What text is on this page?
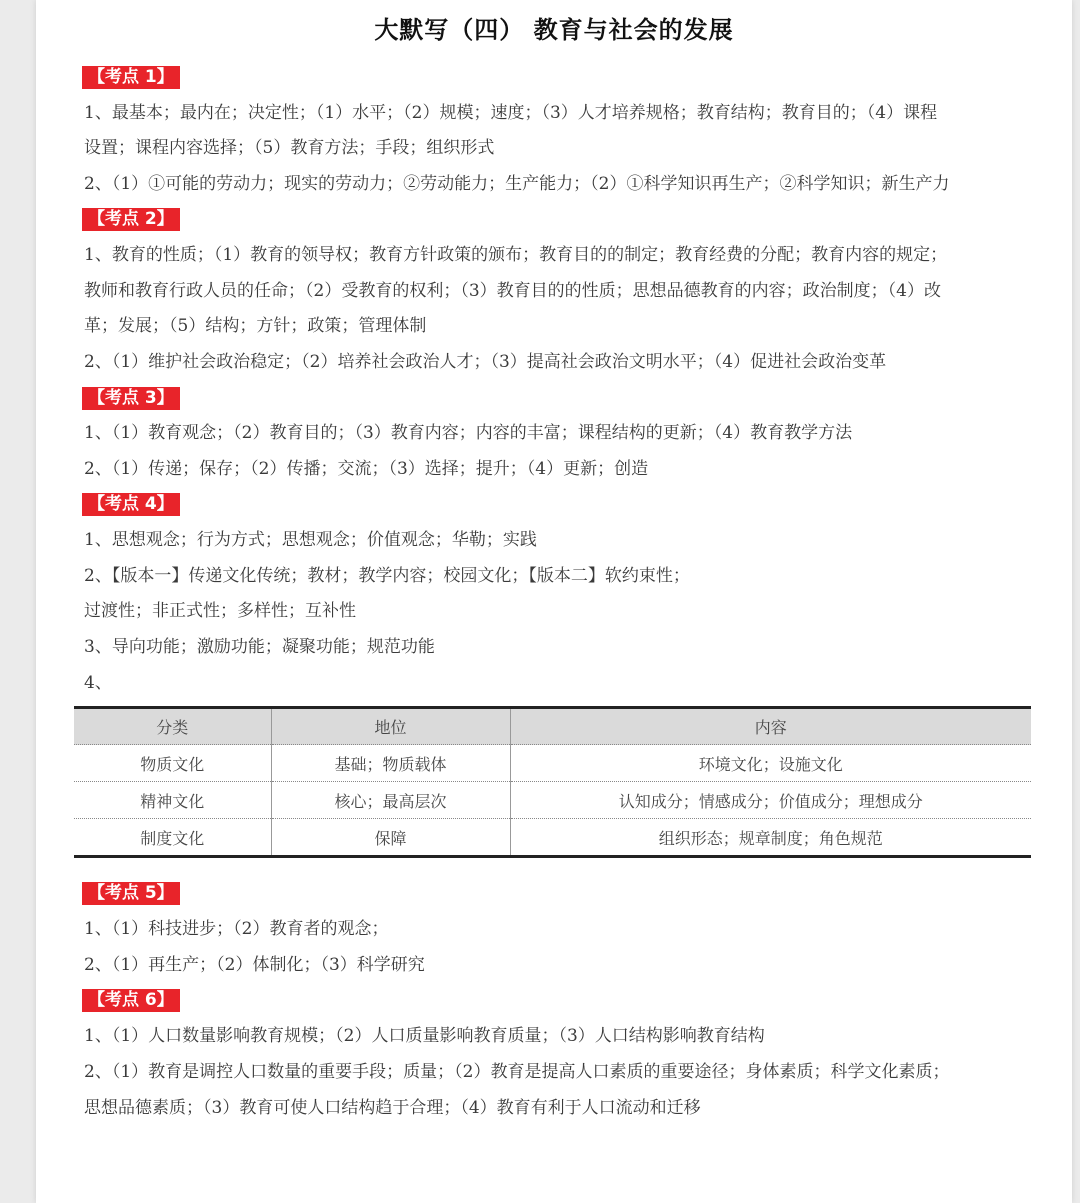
大默写（四） 教育与社会的发展
【考点 1】
1、最基本；最内在；决定性；（1）水平；（2）规模；速度；（3）人才培养规格；教育结构；教育目的；（4）课程
设置；课程内容选择；（5）教育方法；手段；组织形式
2、（1）①可能的劳动力；现实的劳动力；②劳动能力；生产能力；（2）①科学知识再生产；②科学知识；新生产力
【考点 2】
1、教育的性质；（1）教育的领导权；教育方针政策的颁布；教育目的的制定；教育经费的分配；教育内容的规定；
教师和教育行政人员的任命；（2）受教育的权利；（3）教育目的的性质；思想品德教育的内容；政治制度；（4）改
革；发展；（5）结构；方针；政策；管理体制
2、（1）维护社会政治稳定；（2）培养社会政治人才；（3）提高社会政治文明水平；（4）促进社会政治变革
【考点 3】
1、（1）教育观念；（2）教育目的；（3）教育内容；内容的丰富；课程结构的更新；（4）教育教学方法
2、（1）传递；保存；（2）传播；交流；（3）选择；提升；（4）更新；创造
【考点 4】
1、思想观念；行为方式；思想观念；价值观念；华勒；实践
2、【版本一】传递文化传统；教材；教学内容；校园文化；【版本二】软约束性；
过渡性；非正式性；多样性；互补性
3、导向功能；激励功能；凝聚功能；规范功能
4、
分类	地位	内容
物质文化	基础；物质载体	环境文化；设施文化
精神文化	核心；最高层次	认知成分；情感成分；价值成分；理想成分
制度文化	保障	组织形态；规章制度；角色规范
【考点 5】
1、（1）科技进步；（2）教育者的观念；
2、（1）再生产；（2）体制化；（3）科学研究
【考点 6】
1、（1）人口数量影响教育规模；（2）人口质量影响教育质量；（3）人口结构影响教育结构
2、（1）教育是调控人口数量的重要手段；质量；（2）教育是提高人口素质的重要途径；身体素质；科学文化素质；
思想品德素质；（3）教育可使人口结构趋于合理；（4）教育有利于人口流动和迁移
